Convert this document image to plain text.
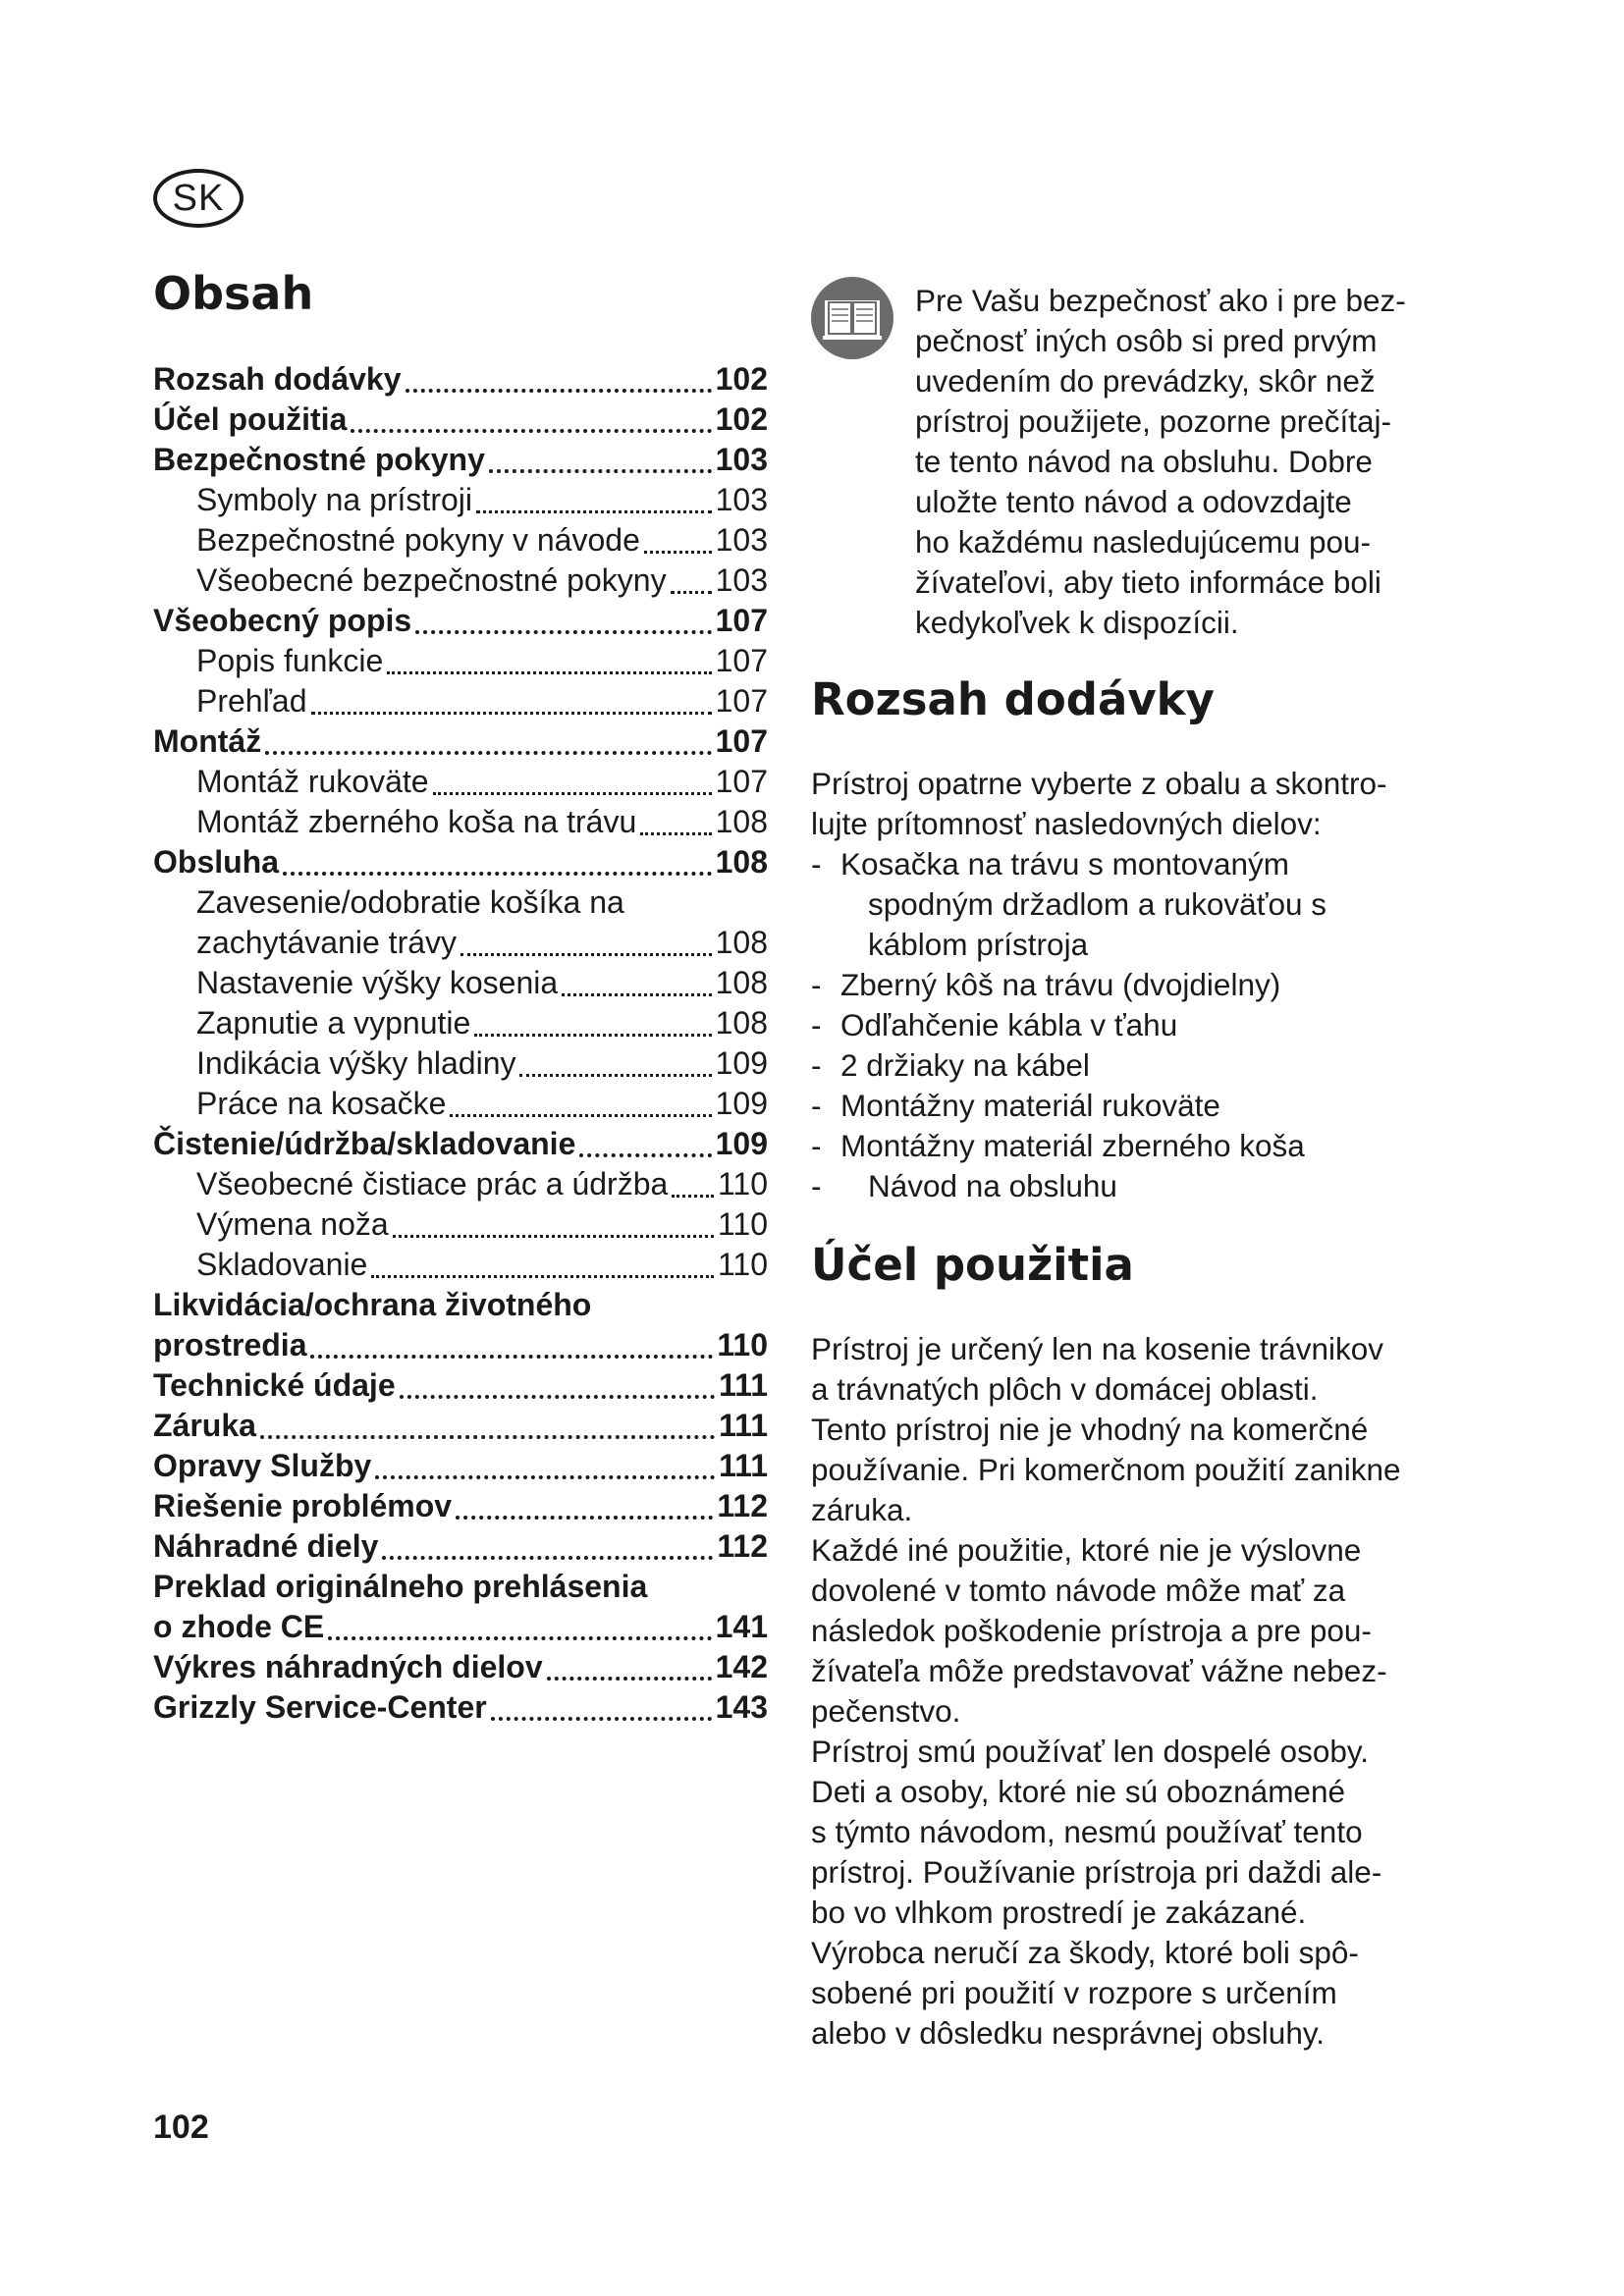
SK
Obsah
Rozsah dodávky	102
Účel použitia	102
Bezpečnostné pokyny	103
Symboly na prístroji	103
Bezpečnostné pokyny v návode 103
Všeobecné bezpečnostné pokyny 103
Všeobecný popis	107
Popis funkcie	107
Prehľad	107
Montáž	107
Montáž rukoväte	107
Montáž zberného koša na trávu	108
Obsluha	108
Zavesenie/odobratie košíka na
zachytávanie trávy	108
Nastavenie výšky kosenia	108
Zapnutie a vypnutie	108
Indikácia výšky hladiny	109
Práce na kosačke	109
Čistenie/údržba/skladovanie	109
Všeobecné čistiace prác a údržba 110
Výmena noža	110
Skladovanie	110
Likvidácia/ochrana životného
prostredia	110
Technické údaje	111
Záruka	111
Opravy Služby	111
Riešenie problémov	112
Náhradné diely	112
Preklad originálneho prehlásenia
o zhode CE	141
Výkres náhradných dielov	142
Grizzly Service-Center	143
Pre Vašu bezpečnosť ako i pre bez-
pečnosť iných osôb si pred prvým
uvedením do prevádzky, skôr než
prístroj použijete, pozorne prečítaj-
te tento návod na obsluhu. Dobre
uložte tento návod a odovzdajte
ho každému nasledujúcemu pou-
žívateľovi, aby tieto informáce boli
kedykoľvek k dispozícii.
Rozsah dodávky
Prístroj opatrne vyberte z obalu a skontro-
lujte prítomnosť nasledovných dielov:
- Kosačka na trávu s montovaným
spodným držadlom a rukoväťou s
káblom prístroja
- Zberný kôš na trávu (dvojdielny)
- Odľahčenie kábla v ťahu
- 2 držiaky na kábel
- Montážny materiál rukoväte
- Montážny materiál zberného koša
- Návod na obsluhu
Účel použitia
Prístroj je určený len na kosenie trávnikov
a trávnatých plôch v domácej oblasti.
Tento prístroj nie je vhodný na komerčné
používanie. Pri komerčnom použití zanikne
záruka.
Každé iné použitie, ktoré nie je výslovne
dovolené v tomto návode môže mať za
následok poškodenie prístroja a pre pou-
žívateľa môže predstavovať vážne nebez-
pečenstvo.
Prístroj smú používať len dospelé osoby.
Deti a osoby, ktoré nie sú oboznámené
s týmto návodom, nesmú používať tento
prístroj. Používanie prístroja pri daždi ale-
bo vo vlhkom prostredí je zakázané.
Výrobca neručí za škody, ktoré boli spô-
sobené pri použití v rozpore s určením
alebo v dôsledku nesprávnej obsluhy.
102
